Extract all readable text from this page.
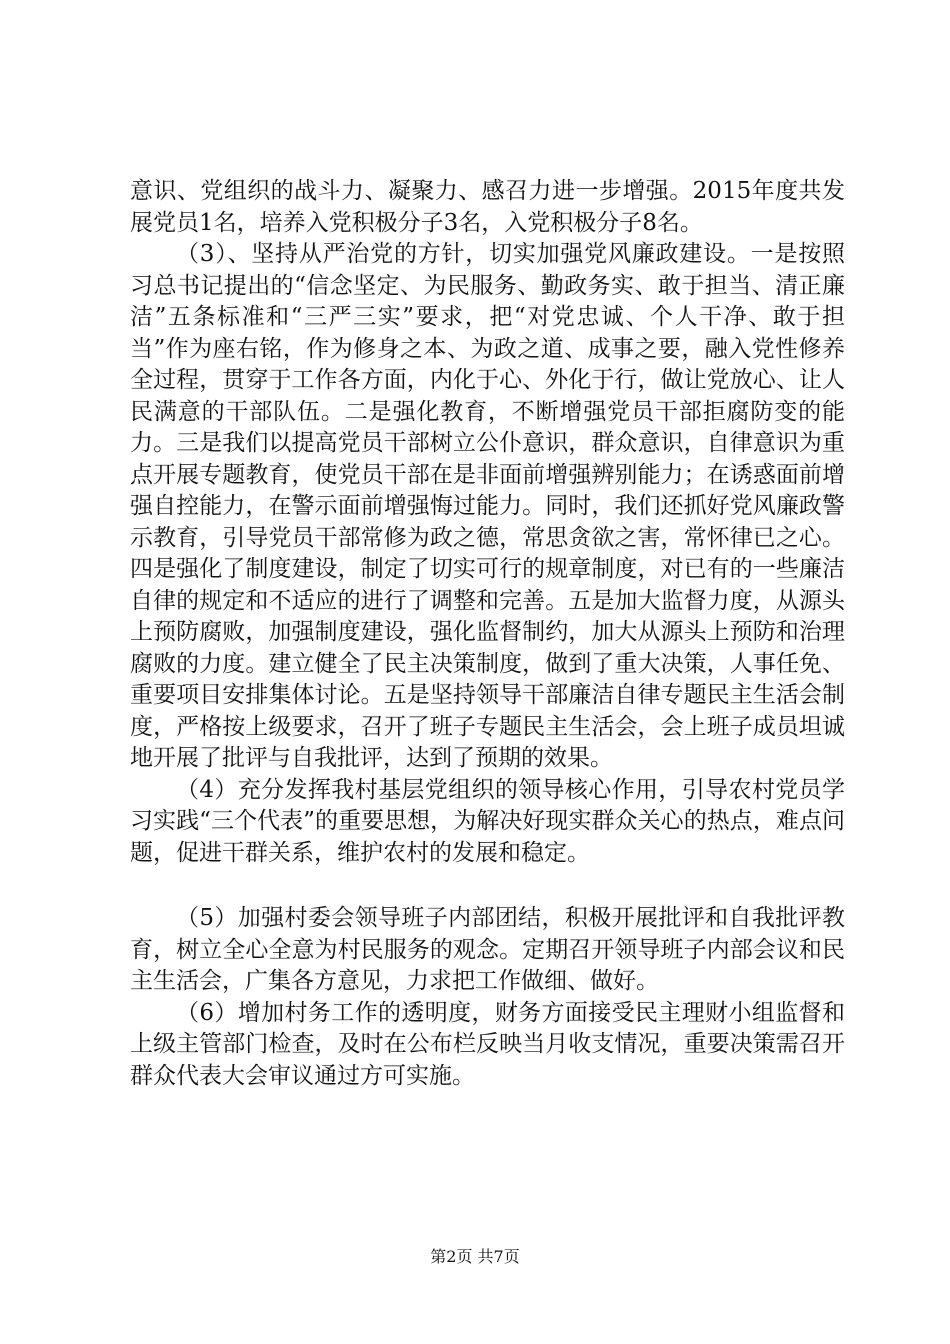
意识、党组织的战斗力、凝聚力、感召力进一步增强。2015年度共发展党员1名，培养入党积极分子3名，入党积极分子8名。

（3）、坚持从严治党的方针，切实加强党风廉政建设。一是按照习总书记提出的“信念坚定、为民服务、勤政务实、敢于担当、清正廉洁”五条标准和“三严三实”要求，把“对党忠诚、个人干净、敢于担当”作为座右铭，作为修身之本、为政之道、成事之要，融入党性修养全过程，贯穿于工作各方面，内化于心、外化于行，做让党放心、让人民满意的干部队伍。二是强化教育，不断增强党员干部拒腐防变的能力。三是我们以提高党员干部树立公仆意识，群众意识，自律意识为重点开展专题教育，使党员干部在是非面前增强辨别能力；在诱惑面前增强自控能力，在警示面前增强悔过能力。同时，我们还抓好党风廉政警示教育，引导党员干部常修为政之德，常思贪欲之害，常怀律已之心。四是强化了制度建设，制定了切实可行的规章制度，对已有的一些廉洁自律的规定和不适应的进行了调整和完善。五是加大监督力度，从源头上预防腐败，加强制度建设，强化监督制约，加大从源头上预防和治理腐败的力度。建立健全了民主决策制度，做到了重大决策，人事任免、重要项目安排集体讨论。五是坚持领导干部廉洁自律专题民主生活会制度，严格按上级要求，召开了班子专题民主生活会，会上班子成员坦诚地开展了批评与自我批评，达到了预期的效果。

（4）充分发挥我村基层党组织的领导核心作用，引导农村党员学习实践“三个代表”的重要思想，为解决好现实群众关心的热点，难点问题，促进干群关系，维护农村的发展和稳定。

（5）加强村委会领导班子内部团结，积极开展批评和自我批评教育，树立全心全意为村民服务的观念。定期召开领导班子内部会议和民主生活会，广集各方意见，力求把工作做细、做好。

（6）增加村务工作的透明度，财务方面接受民主理财小组监督和上级主管部门检查，及时在公布栏反映当月收支情况，重要决策需召开群众代表大会审议通过方可实施。

第2页 共7页
